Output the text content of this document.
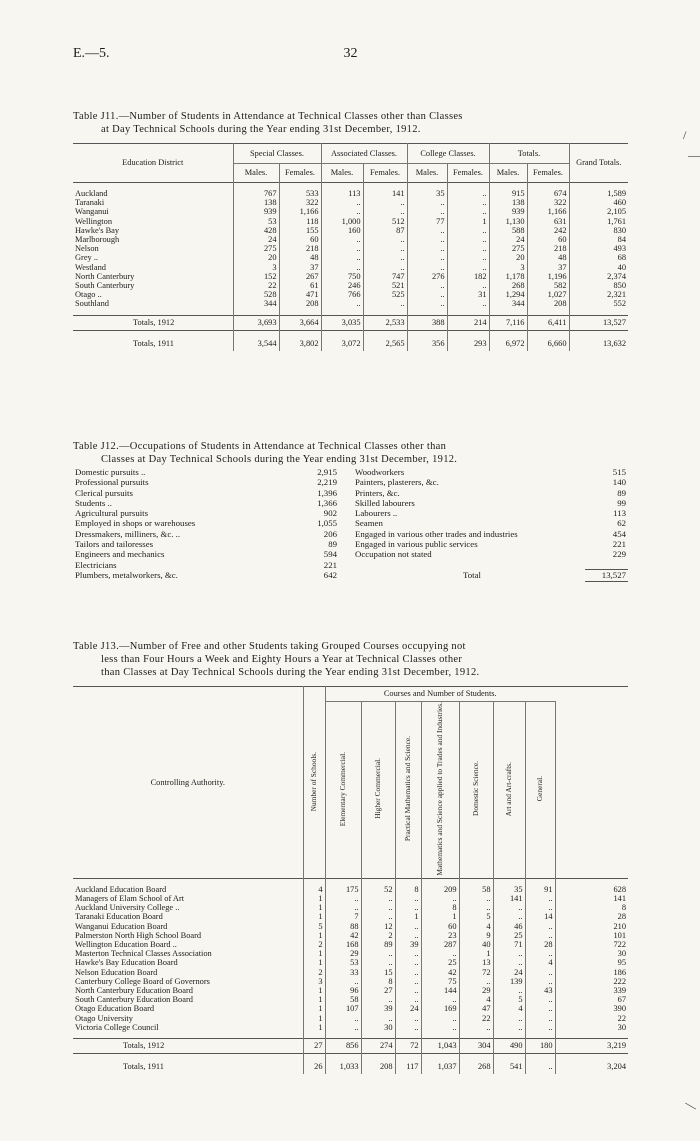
E.—5.	32
Table J11.—Number of Students in Attendance at Technical Classes other than Classes
at Day Technical Schools during the Year ending 31st December, 1912.
Education District	Special Classes.		Associated Classes.		College Classes.		Totals.		Grand Totals.
	Males.	Females.	Males.	Females.	Males.	Females.	Males.	Females.	

Auckland	767	533	113	141	35	..	915	674	1,589
Taranaki	138	322	..	..	..	..	138	322	460
Wanganui	939	1,166	..	..	..	..	939	1,166	2,105
Wellington	53	118	1,000	512	77	1	1,130	631	1,761
Hawke's Bay	428	155	160	87	..	..	588	242	830
Marlborough	24	60	..	..	..	..	24	60	84
Nelson	275	218	..	..	..	..	275	218	493
Grey ..	20	48	..	..	..	..	20	48	68
Westland	3	37	..	..	..	..	3	37	40
North Canterbury	152	267	750	747	276	182	1,178	1,196	2,374
South Canterbury	22	61	246	521	..	..	268	582	850
Otago ..	528	471	766	525	..	31	1,294	1,027	2,321
Southland	344	208	..	..	..	..	344	208	552

Totals, 1912	3,693	3,664	3,035	2,533	388	214	7,116	6,411	13,527

Totals, 1911	3,544	3,802	3,072	2,565	356	293	6,972	6,660	13,632
Table J12.—Occupations of Students in Attendance at Technical Classes other than
Classes at Day Technical Schools during the Year ending 31st December, 1912.
Domestic pursuits ..	2,915		Woodworkers	515
Professional pursuits	2,219		Painters, plasterers, &c.	140
Clerical pursuits	1,396		Printers, &c.	89
Students ..	1,366		Skilled labourers	99
Agricultural pursuits	902		Labourers ..	113
Employed in shops or warehouses	1,055		Seamen	62
Dressmakers, milliners, &c. ..	206		Engaged in various other trades and industries	454
Tailors and tailoresses	89		Engaged in various public services	221
Engineers and mechanics	594		Occupation not stated	229
Electricians	221			
Plumbers, metalworkers, &c.	642		Total	13,527
Table J13.—Number of Free and other Students taking Grouped Courses occupying not
less than Four Hours a Week and Eighty Hours a Year at Technical Classes other
than Classes at Day Technical Schools during the Year ending 31st December, 1912.
Controlling Authority.	Number of Schools.	Courses and Number of Students.							
		Elementary Commercial.	Higher Commercial.	Practical Mathematics and Science.	Mathematics and Science applied to Trades and Industries.	Domestic Science.	Art and Art-crafts.	General.	

Auckland Education Board	4	175	52	8	209	58	35	91	628
Managers of Elam School of Art	1	..	..	..	..	..	141	..	141
Auckland University College ..	1	..	..	..	8	..	..	..	8
Taranaki Education Board	1	7	..	1	1	5	..	14	28
Wanganui Education Board	5	88	12	..	60	4	46	..	210
Palmerston North High School Board	1	42	2	..	23	9	25	..	101
Wellington Education Board ..	2	168	89	39	287	40	71	28	722
Masterton Technical Classes Association	1	29	..	..	..	1	..	..	30
Hawke's Bay Education Board	1	53	..	..	25	13	..	4	95
Nelson Education Board	2	33	15	..	42	72	24	..	186
Canterbury College Board of Governors	3	..	8	..	75	..	139	..	222
North Canterbury Education Board	1	96	27	..	144	29	..	43	339
South Canterbury Education Board	1	58	..	..	..	4	5	..	67
Otago Education Board	1	107	39	24	169	47	4	..	390
Otago University	1	..	..	..	..	22	..	..	22
Victoria College Council	1	..	30	..	..	..	..	..	30

Totals, 1912	27	856	274	72	1,043	304	490	180	3,219

Totals, 1911	26	1,033	208	117	1,037	268	541	..	3,204
/
—
—
